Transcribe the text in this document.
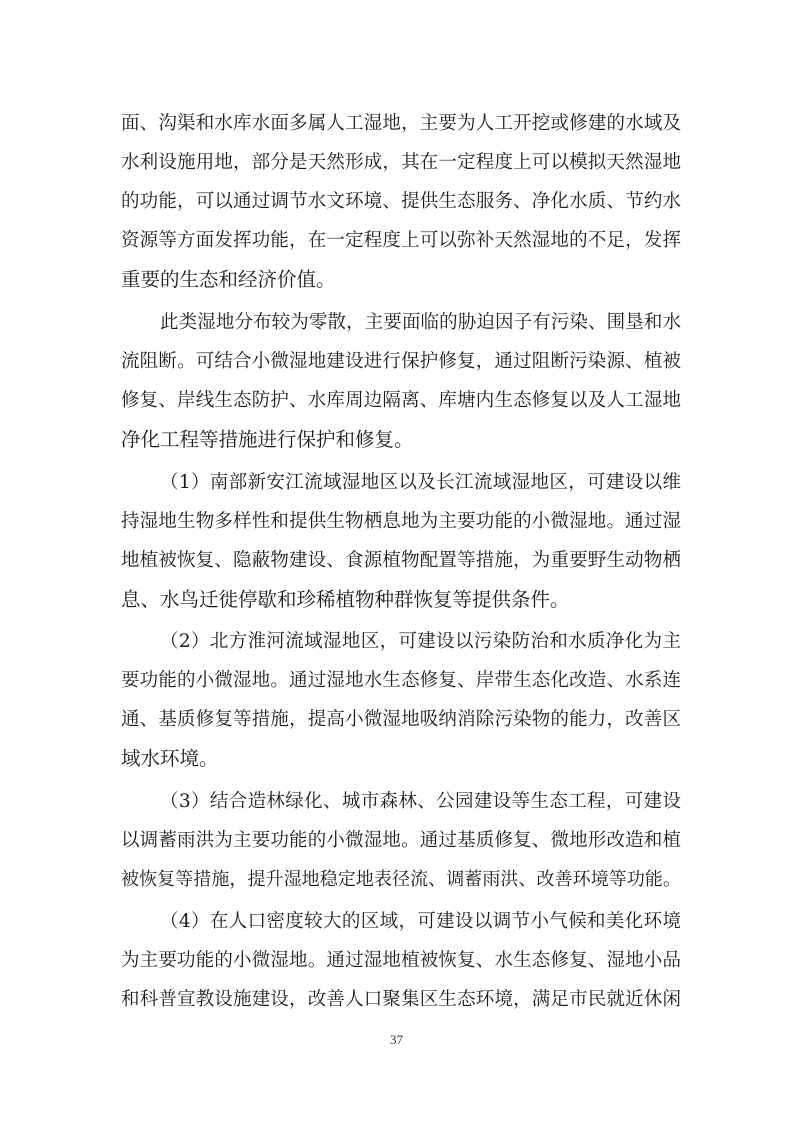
面、沟渠和水库水面多属人工湿地，主要为人工开挖或修建的水域及
水利设施用地，部分是天然形成，其在一定程度上可以模拟天然湿地
的功能，可以通过调节水文环境、提供生态服务、净化水质、节约水
资源等方面发挥功能，在一定程度上可以弥补天然湿地的不足，发挥
重要的生态和经济价值。
此类湿地分布较为零散，主要面临的胁迫因子有污染、围垦和水
流阻断。可结合小微湿地建设进行保护修复，通过阻断污染源、植被
修复、岸线生态防护、水库周边隔离、库塘内生态修复以及人工湿地
净化工程等措施进行保护和修复。
（1）南部新安江流域湿地区以及长江流域湿地区，可建设以维
持湿地生物多样性和提供生物栖息地为主要功能的小微湿地。通过湿
地植被恢复、隐蔽物建设、食源植物配置等措施，为重要野生动物栖
息、水鸟迁徙停歇和珍稀植物种群恢复等提供条件。
（2）北方淮河流域湿地区，可建设以污染防治和水质净化为主
要功能的小微湿地。通过湿地水生态修复、岸带生态化改造、水系连
通、基质修复等措施，提高小微湿地吸纳消除污染物的能力，改善区
域水环境。
（3）结合造林绿化、城市森林、公园建设等生态工程，可建设
以调蓄雨洪为主要功能的小微湿地。通过基质修复、微地形改造和植
被恢复等措施，提升湿地稳定地表径流、调蓄雨洪、改善环境等功能。
（4）在人口密度较大的区域，可建设以调节小气候和美化环境
为主要功能的小微湿地。通过湿地植被恢复、水生态修复、湿地小品
和科普宣教设施建设，改善人口聚集区生态环境，满足市民就近休闲
37
